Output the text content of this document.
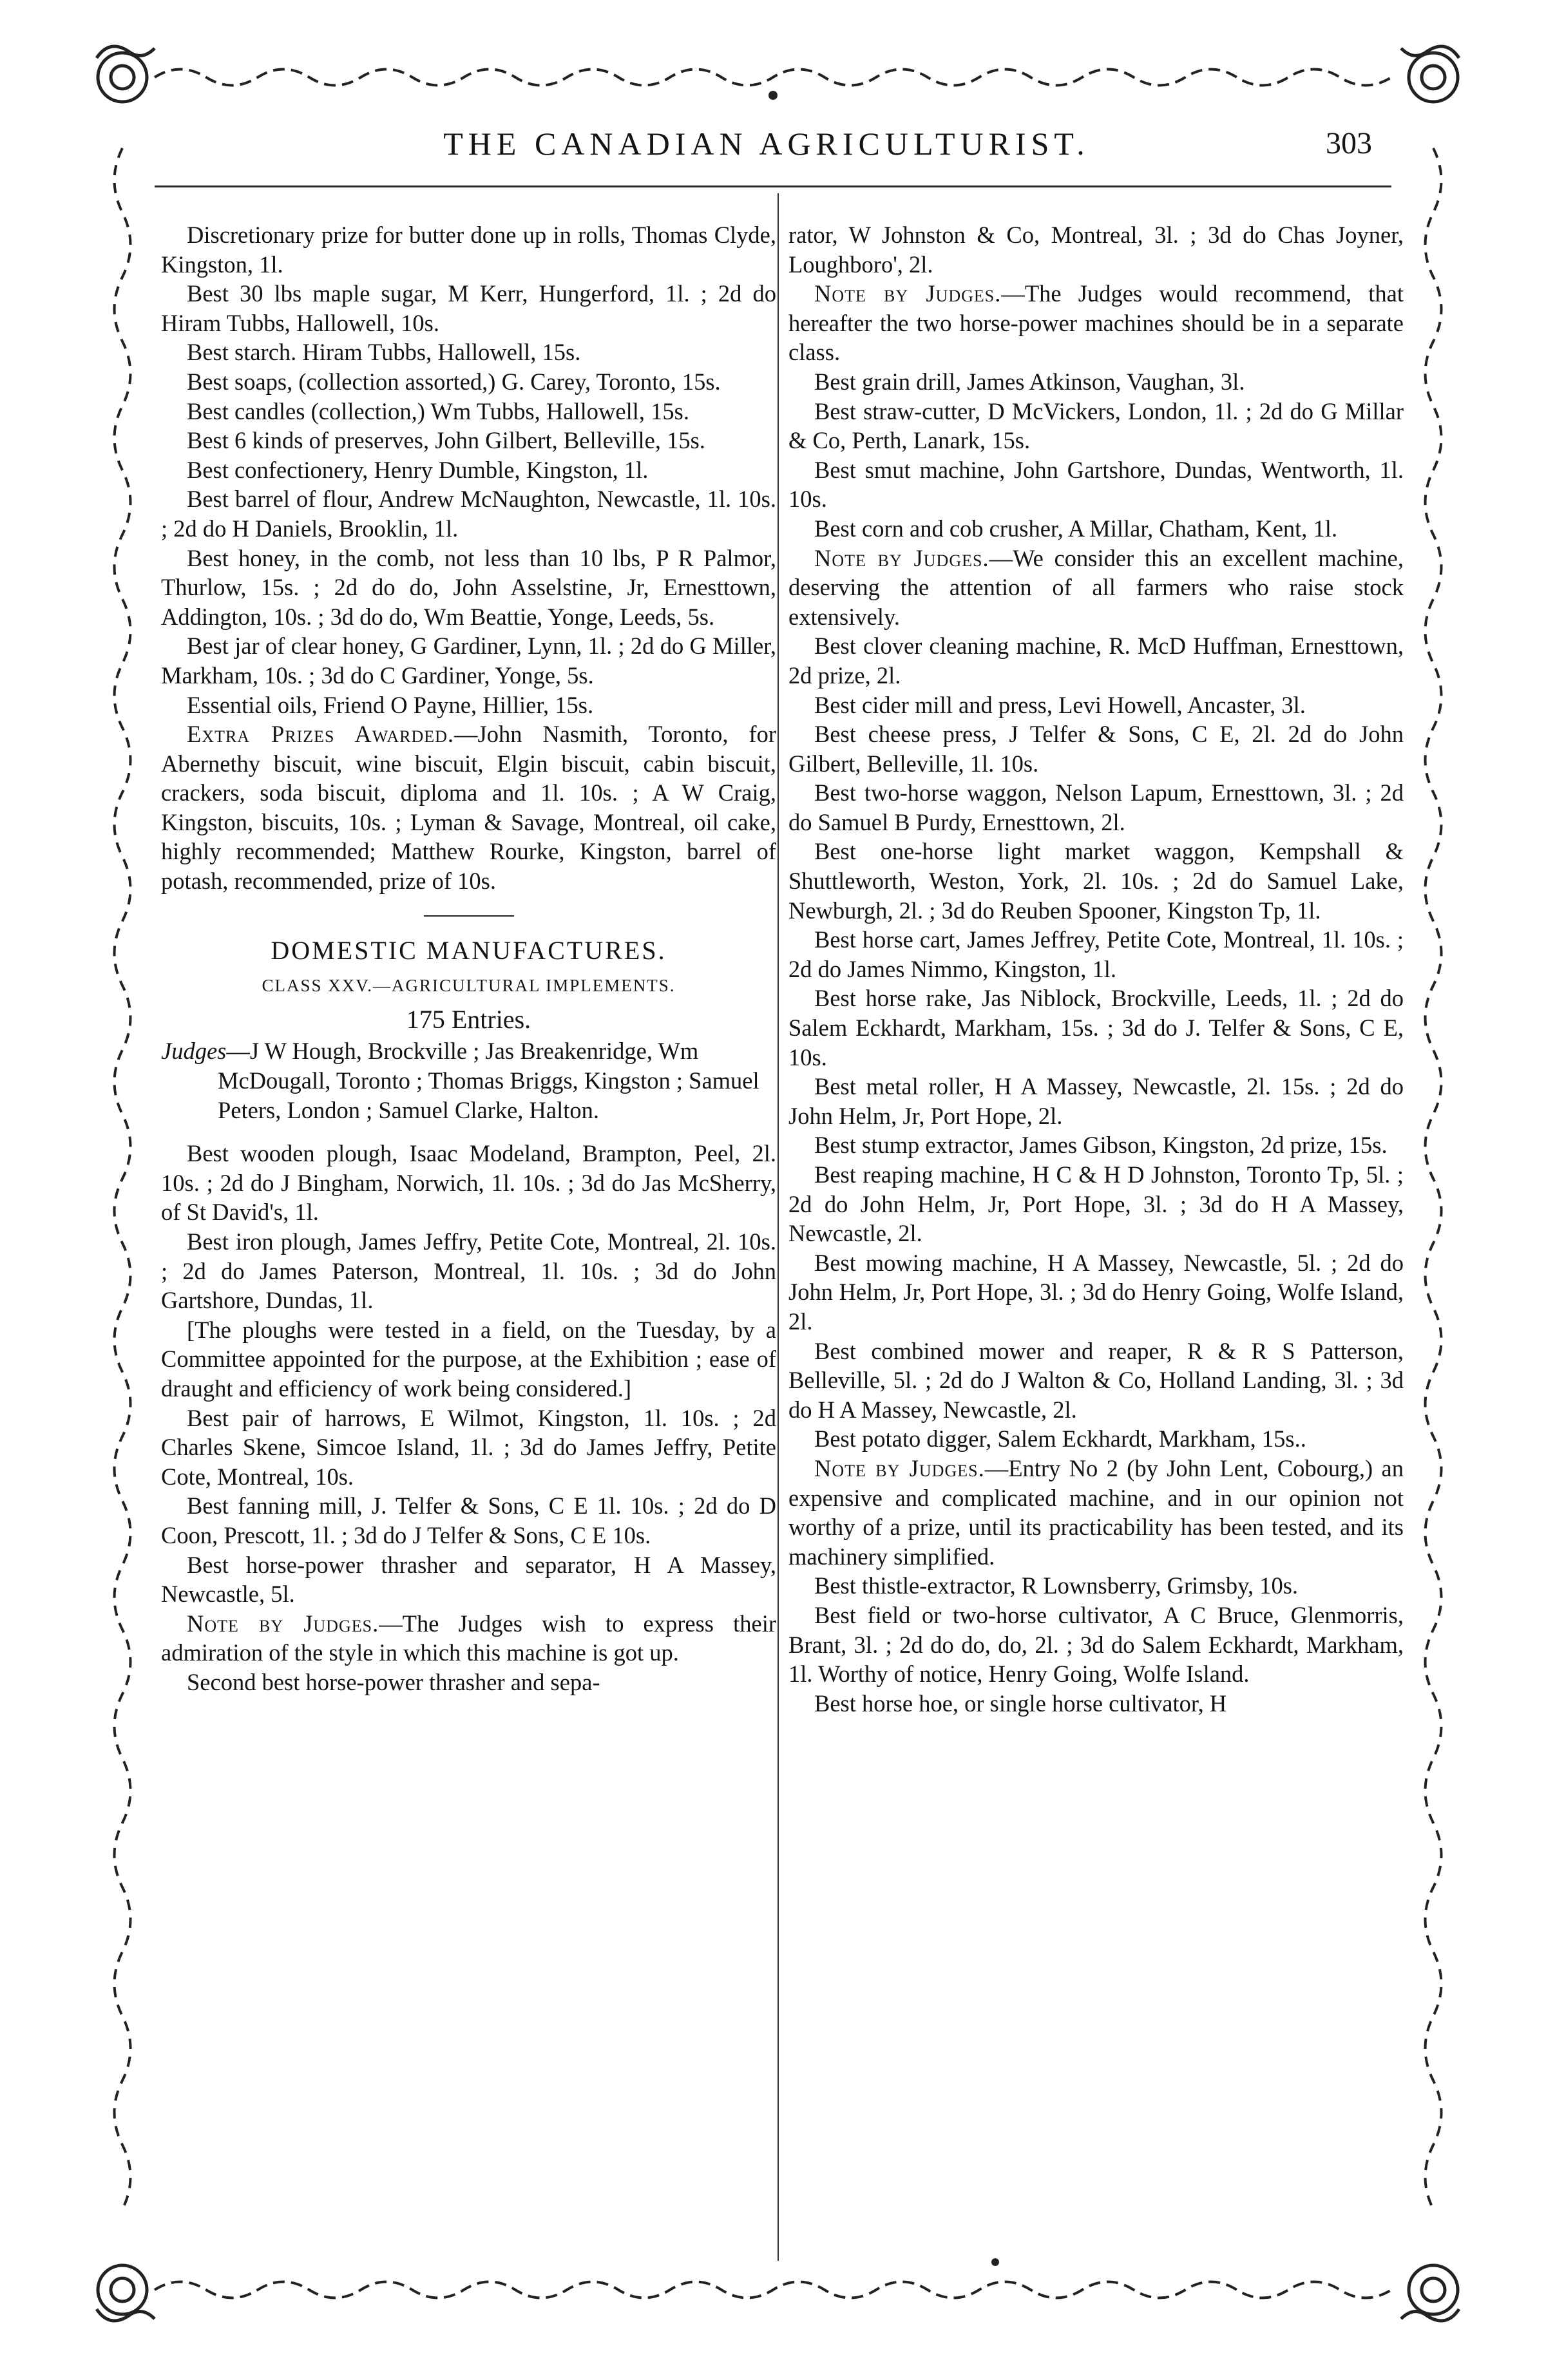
THE CANADIAN AGRICULTURIST.	303

Discretionary prize for butter done up in rolls, Thomas Clyde, Kingston, 1l.

Best 30 lbs maple sugar, M Kerr, Hungerford, 1l. ; 2d do Hiram Tubbs, Hallowell, 10s.

Best starch. Hiram Tubbs, Hallowell, 15s.

Best soaps, (collection assorted,) G. Carey, Toronto, 15s.

Best candles (collection,) Wm Tubbs, Hallowell, 15s.

Best 6 kinds of preserves, John Gilbert, Belleville, 15s.

Best confectionery, Henry Dumble, Kingston, 1l.

Best barrel of flour, Andrew McNaughton, Newcastle, 1l. 10s. ; 2d do H Daniels, Brooklin, 1l.

Best honey, in the comb, not less than 10 lbs, P R Palmor, Thurlow, 15s. ; 2d do do, John Asselstine, Jr, Ernesttown, Addington, 10s. ; 3d do do, Wm Beattie, Yonge, Leeds, 5s.

Best jar of clear honey, G Gardiner, Lynn, 1l. ; 2d do G Miller, Markham, 10s. ; 3d do C Gardiner, Yonge, 5s.

Essential oils, Friend O Payne, Hillier, 15s.

Extra Prizes Awarded.—John Nasmith, Toronto, for Abernethy biscuit, wine biscuit, Elgin biscuit, cabin biscuit, crackers, soda biscuit, diploma and 1l. 10s. ; A W Craig, Kingston, biscuits, 10s. ; Lyman & Savage, Montreal, oil cake, highly recommended; Matthew Rourke, Kingston, barrel of potash, recommended, prize of 10s.

DOMESTIC MANUFACTURES.

CLASS XXV.—AGRICULTURAL IMPLEMENTS.

175 Entries.

Judges—J W Hough, Brockville ; Jas Breakenridge, Wm McDougall, Toronto ; Thomas Briggs, Kingston ; Samuel Peters, London ; Samuel Clarke, Halton.

Best wooden plough, Isaac Modeland, Brampton, Peel, 2l. 10s. ; 2d do J Bingham, Norwich, 1l. 10s. ; 3d do Jas McSherry, of St David's, 1l.

Best iron plough, James Jeffry, Petite Cote, Montreal, 2l. 10s. ; 2d do James Paterson, Montreal, 1l. 10s. ; 3d do John Gartshore, Dundas, 1l.

[The ploughs were tested in a field, on the Tuesday, by a Committee appointed for the purpose, at the Exhibition ; ease of draught and efficiency of work being considered.]

Best pair of harrows, E Wilmot, Kingston, 1l. 10s. ; 2d Charles Skene, Simcoe Island, 1l. ; 3d do James Jeffry, Petite Cote, Montreal, 10s.

Best fanning mill, J. Telfer & Sons, C E 1l. 10s. ; 2d do D Coon, Prescott, 1l. ; 3d do J Telfer & Sons, C E 10s.

Best horse-power thrasher and separator, H A Massey, Newcastle, 5l.

Note by Judges.—The Judges wish to express their admiration of the style in which this machine is got up.

Second best horse-power thrasher and sepa-

rator, W Johnston & Co, Montreal, 3l. ; 3d do Chas Joyner, Loughboro', 2l.

Note by Judges.—The Judges would recommend, that hereafter the two horse-power machines should be in a separate class.

Best grain drill, James Atkinson, Vaughan, 3l.

Best straw-cutter, D McVickers, London, 1l. ; 2d do G Millar & Co, Perth, Lanark, 15s.

Best smut machine, John Gartshore, Dundas, Wentworth, 1l. 10s.

Best corn and cob crusher, A Millar, Chatham, Kent, 1l.

Note by Judges.—We consider this an excellent machine, deserving the attention of all farmers who raise stock extensively.

Best clover cleaning machine, R. McD Huffman, Ernesttown, 2d prize, 2l.

Best cider mill and press, Levi Howell, Ancaster, 3l.

Best cheese press, J Telfer & Sons, C E, 2l. 2d do John Gilbert, Belleville, 1l. 10s.

Best two-horse waggon, Nelson Lapum, Ernesttown, 3l. ; 2d do Samuel B Purdy, Ernesttown, 2l.

Best one-horse light market waggon, Kempshall & Shuttleworth, Weston, York, 2l. 10s. ; 2d do Samuel Lake, Newburgh, 2l. ; 3d do Reuben Spooner, Kingston Tp, 1l.

Best horse cart, James Jeffrey, Petite Cote, Montreal, 1l. 10s. ; 2d do James Nimmo, Kingston, 1l.

Best horse rake, Jas Niblock, Brockville, Leeds, 1l. ; 2d do Salem Eckhardt, Markham, 15s. ; 3d do J. Telfer & Sons, C E, 10s.

Best metal roller, H A Massey, Newcastle, 2l. 15s. ; 2d do John Helm, Jr, Port Hope, 2l.

Best stump extractor, James Gibson, Kingston, 2d prize, 15s.

Best reaping machine, H C & H D Johnston, Toronto Tp, 5l. ; 2d do John Helm, Jr, Port Hope, 3l. ; 3d do H A Massey, Newcastle, 2l.

Best mowing machine, H A Massey, Newcastle, 5l. ; 2d do John Helm, Jr, Port Hope, 3l. ; 3d do Henry Going, Wolfe Island, 2l.

Best combined mower and reaper, R & R S Patterson, Belleville, 5l. ; 2d do J Walton & Co, Holland Landing, 3l. ; 3d do H A Massey, Newcastle, 2l.

Best potato digger, Salem Eckhardt, Markham, 15s..

Note by Judges.—Entry No 2 (by John Lent, Cobourg,) an expensive and complicated machine, and in our opinion not worthy of a prize, until its practicability has been tested, and its machinery simplified.

Best thistle-extractor, R Lownsberry, Grimsby, 10s.

Best field or two-horse cultivator, A C Bruce, Glenmorris, Brant, 3l. ; 2d do do, do, 2l. ; 3d do Salem Eckhardt, Markham, 1l. Worthy of notice, Henry Going, Wolfe Island.

Best horse hoe, or single horse cultivator, H
